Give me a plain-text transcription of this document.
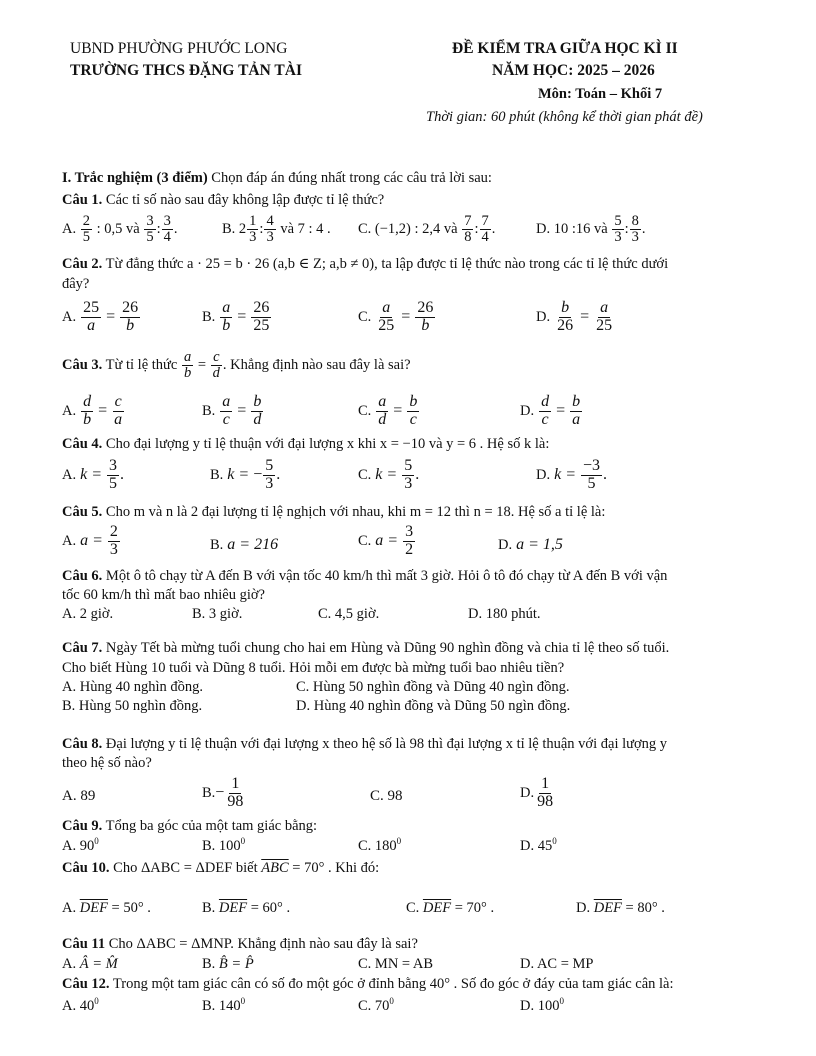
UBND PHƯỜNG PHƯỚC LONG
TRƯỜNG THCS ĐẶNG TẢN TÀI
ĐỀ KIỂM TRA GIỮA HỌC KÌ II
NĂM HỌC: 2025 – 2026
Môn: Toán – Khối 7
Thời gian: 60 phút (không kể thời gian phát đề)
I. Trắc nghiệm (3 điểm) Chọn đáp án đúng nhất trong các câu trả lời sau:
Câu 1. Các tỉ số nào sau đây không lập được tỉ lệ thức?
A. $\frac{2}{5}$ : 0,5 và $\frac{3}{5}$ : $\frac{3}{4}$ .	B. $2 \frac{1}{3}$ : $\frac{4}{3}$ và 7 : 4 . C. (−1,2) : 2,4 và $\frac{7}{8}$ : $\frac{7}{4}$ .	D. 10 :16 và $\frac{5}{3}$ : $\frac{8}{3}$ .
Câu 2. Từ đẳng thức a · 25 = b · 26 (a,b ∈ Z; a,b ≠ 0), ta lập được tỉ lệ thức nào trong các tỉ lệ thức dưới
đây?
A. $\frac{25}{a} = \frac{26}{b}$	B. $\frac{a}{b} = \frac{26}{25}$	C. $\frac{a}{25} = \frac{26}{b}$	D. $\frac{b}{26} = \frac{a}{25}$
Câu 3. Từ tỉ lệ thức $\frac{a}{b} = \frac{c}{d}$ . Khẳng định nào sau đây là sai?
A. $\frac{d}{b} = \frac{c}{a}$	B. $\frac{a}{c} = \frac{b}{d}$	C. $\frac{a}{d} = \frac{b}{c}$	D. $\frac{d}{c} = \frac{b}{a}$
Câu 4. Cho đại lượng y tỉ lệ thuận với đại lượng x khi x = −10 và y = 6 . Hệ số k là:
A. $k = \frac{3}{5}$ .	B. k = − $\frac{5}{3}$ .	C. $k = \frac{5}{3}$ .	D. $k = \frac{-3}{5}$ .
Câu 5. Cho m và n là 2 đại lượng tỉ lệ nghịch với nhau, khi m = 12 thì n = 18. Hệ số a tỉ lệ là:
A. $a = \frac{2}{3}$	B. a = 216	C. $a = \frac{3}{2}$	D. a = 1,5
Câu 6. Một ô tô chạy từ A đến B với vận tốc 40 km/h thì mất 3 giờ. Hỏi ô tô đó chạy từ A đến B với vận
tốc 60 km/h thì mất bao nhiêu giờ?
A. 2 giờ.	B. 3 giờ.	C. 4,5 giờ.	D. 180 phút.
Câu 7. Ngày Tết bà mừng tuổi chung cho hai em Hùng và Dũng 90 nghìn đồng và chia tỉ lệ theo số tuổi.
Cho biết Hùng 10 tuổi và Dũng 8 tuổi. Hỏi mỗi em được bà mừng tuổi bao nhiêu tiền?
A. Hùng 40 nghìn đồng.	C. Hùng 50 nghìn đồng và Dũng 40 ngìn đồng.
B. Hùng 50 nghìn đồng.	D. Hùng 40 nghìn đồng và Dũng 50 ngìn đồng.
Câu 8. Đại lượng y tỉ lệ thuận với đại lượng x theo hệ số là 98 thì đại lượng x tỉ lệ thuận với đại lượng y
theo hệ số nào?
A. 89	$B.- \frac{1}{98}$	C. 98	D. $\frac{1}{98}$
Câu 9. Tổng ba góc của một tam giác bằng:
A. $90^0$	B. $100^0$	C. $180^0$	D. $45^0$
Câu 10. Cho ΔABC = ΔDEF biết $\overline{ABC} = 70^\circ$ . Khi đó:
A. $\overline{DEF} = 50^\circ$ .	B. $\overline{DEF} = 60^\circ$ .	C. $\overline{DEF} = 70^\circ$ .	D. $\overline{DEF} = 80^\circ$ .
Câu 11 Cho ΔABC = ΔMNP. Khẳng định nào sau đây là sai?
A. Â = M̂	B. B̂ = P̂	C. MN = AB	D. AC = MP
Câu 12. Trong một tam giác cân có số đo một góc ở đỉnh bằng 40° . Số đo góc ở đáy của tam giác cân là:
A. $40^0$	B. $140^0$	C. $70^0$	D. $100^0$
